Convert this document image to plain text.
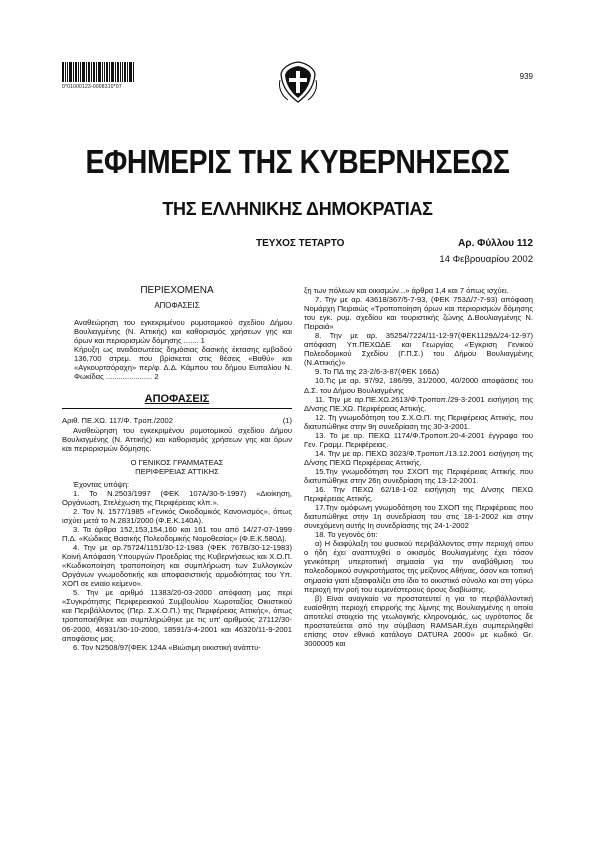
0*01000123-0008310*07
939
ΕΦΗΜΕΡΙΣ ΤΗΣ ΚΥΒΕΡΝΗΣΕΩΣ
ΤΗΣ ΕΛΛΗΝΙΚΗΣ ΔΗΜΟΚΡΑΤΙΑΣ
ΤΕΥΧΟΣ ΤΕΤΑΡΤΟ	Αρ. Φύλλου 112
14 Φεβρουαρίου 2002
ΠΕΡΙΕΧΟΜΕΝΑ
ΑΠΟΦΑΣΕΙΣ

Αναθεώρηση του εγκεκριμένου ρυμοτομικού σχεδίου Δήμου Βουλιαγμένης (Ν. Αττικής) και καθορισμός χρήσεων γης και όρων και περιορισμών δόμησης ....... 1

Κήρυξη ως αναδασωτέας δημόσιας δασικής έκτασης εμβαδού 136,700 στρεμ. που βρίσκεται στις θέσεις «Βαθύ» και «Αγκουρτσόραχη» περ/φ. Δ.Δ. Κάμπου του δήμου Ευπαλίου Ν. Φωκίδας ...................... 2

ΑΠΟΦΑΣΕΙΣ
Αριθ. ΠΕ.ΧΩ. 117/Φ. Τροπ./2002	(1)

Αναθεώρηση του εγκεκριμένου ρυμοτομικού σχεδίου Δήμου Βουλιαγμένης (Ν. Αττικής) και καθορισμός χρήσεων γης και όρων και περιορισμών δόμησης.

Ο ΓΕΝΙΚΟΣ ΓΡΑΜΜΑΤΕΑΣ

ΠΕΡΙΦΕΡΕΙΑΣ ΑΤΤΙΚΗΣ

Έχοντας υπόψη:

1. Το Ν.2503/1997 (ΦΕΚ 107Α/30-5-1997) «Διοίκηση, Οργάνωση, Στελέχωση της Περιφέρειας κλπ.».

2. Τον Ν. 1577/1985 «Γενικός Οικοδομικός Κανονισμός», όπως ισχύει μετά το Ν.2831/2000 (Φ.Ε.Κ.140Α).

3. Τα άρθρα 152,153,154,160 και 161 του από 14/27-07-1999 Π.Δ. «Κώδικας Βασικής Πολεοδομικής Νομοθεσίας» (Φ.Ε.Κ.580Δ).

4. Την με αρ.75724/1151/30-12-1983 (ΦΕΚ 767Β/30-12-1983) Κοινή Απόφαση Υπουργών Προεδρίας της Κυβερνήσεως και Χ.Ο.Π. «Κωδικοποίηση τροποποίηση και συμπλήρωση των Συλλογικών Οργάνων γνωμοδοτικής και αποφασιστικής αρμοδιότητας του Υπ. ΧΟΠ σε ενιαίο κείμενο».

5. Την με αριθμό 11383/20-03-2000 απόφαση μας περί «Συγκρότησης Περιφερειακού Συμβουλίου Χωροταξίας Οικιστικού και Περιβάλλοντος (Περ. Σ.Χ.Ο.Π.) της Περιφέρειας Αττικής», όπως τροποποιήθηκε και συμπληρώθηκε με τις υπ' αριθμούς 27112/30-06-2000, 46931/30-10-2000, 18591/3-4-2001 και 46320/11-9-2001 αποφάσεις μας.

6. Τον Ν2508/97(ΦΕΚ 124Α «Βιώσιμη οικιστική ανάπτυ-

ξη των πόλεων και οικισμών...» άρθρα 1,4 και 7 όπως ισχύει.

7. Την με αρ. 43618/367/5-7-93, (ΦΕΚ 753Δ/7-7-93) απόφαση Νομάρχη Πειραιώς «Τροποποίηση όρων και περιορισμών δόμησης του εγκ. ρυμ. σχεδίου και τουριστικής ζώνης Δ.Βουλιαγμένης Ν. Πειραιά»

8. Την με αρ. 35254/7224/11-12-97(ΦΕΚ1129Δ/24-12-97) απόφαση Υπ.ΠΕΧΩΔΕ και Γεωργίας «Έγκριση Γενικού Πολεοδομικού Σχεδίου (Γ.Π.Σ.) του Δήμου Βουλιαγμένης (Ν.Αττικής)»

9. Το ΠΔ της 23-2/6-3-87(ΦΕΚ 166Δ)

10.Τις με αρ. 97/92, 186/99, 31/2000, 40/2000 αποφάσεις του Δ.Σ. του Δήμου Βουλιαγμένης

11. Την με αρ.ΠΕ.ΧΩ.2613/Φ.Τροποπ./29-3-2001 εισήγηση της Δ/νσης ΠΕ.ΧΩ. Περιφέρειας Αττικής.

12. Τη γνωμοδότηση του Σ.Χ.Ο.Π. της Περιφέρειας Αττικής, που διατυπώθηκε στην 9η συνεδρίαση της 30-3-2001.

13. Το με αρ. ΠΕΧΩ 1174/Φ.Τροποπ.20-4-2001 έγγραφο του Γεν. Γραμμ. Περιφέρειας.

14. Την με αρ. ΠΕΧΩ 3023/Φ.Τροποπ./13.12.2001 εισήγηση της Δ/νσης ΠΕΧΩ Περιφέρειας Αττικής.

15.Την γνωμοδότηση του ΣΧΟΠ της Περιφέρειας Αττικής που διατυπώθηκε στην 26η συνεδρίαση της 13-12-2001.

16. Την ΠΕΧΩ 62/18-1-02 εισήγηση της Δ/νσης ΠΕΧΩ Περιφέρειας Αττικής.

17.Την ομόφωνη γνωμοδότηση του ΣΧΟΠ της Περιφέρειας που διατυπώθηκε στην 1η συνεδρίαση του στις 18-1-2002 και στην συνεχόμενη αυτής Ιη συνεδρίασης της 24-1-2002

18. Το γεγονός ότι:

α) Η διαφύλαξη του φυσικού περιβάλλοντος στην περιοχή οπου ο ήδη έχει αναπτυχθεί ο οικισμός Βουλιαγμένης έχει τόσον γενικότερη υπερτοπική σημασία για την αναβάθμιση του πολεοδομικού συγκροτήματος της μείζονος Αθήνας, όσον και τοπική σημασία γιατί εξασφαλίζει στο ίδιο το οικιστικό σύνολο και στη γύρω περιοχή την ροή του ευμενέστερους όρους διαβίωσης.

β) Είναι αναγκαίο να προστατευτεί η για το περιβάλλοντική ευαίσθητη περιοχή επιρροής της λίμνης της Βουλιαγμένης η οποία αποτελεί στοιχείο της γεωλογικής κληρονομιάς, ως υγρότοπος δε προστατεύεται από την σύμβαση RAMSAR,έχει συμπεριληφθεί επίσης στον εθνικό κατάλογο DATURA 2000» με κωδικό Gr. 3000005 και
